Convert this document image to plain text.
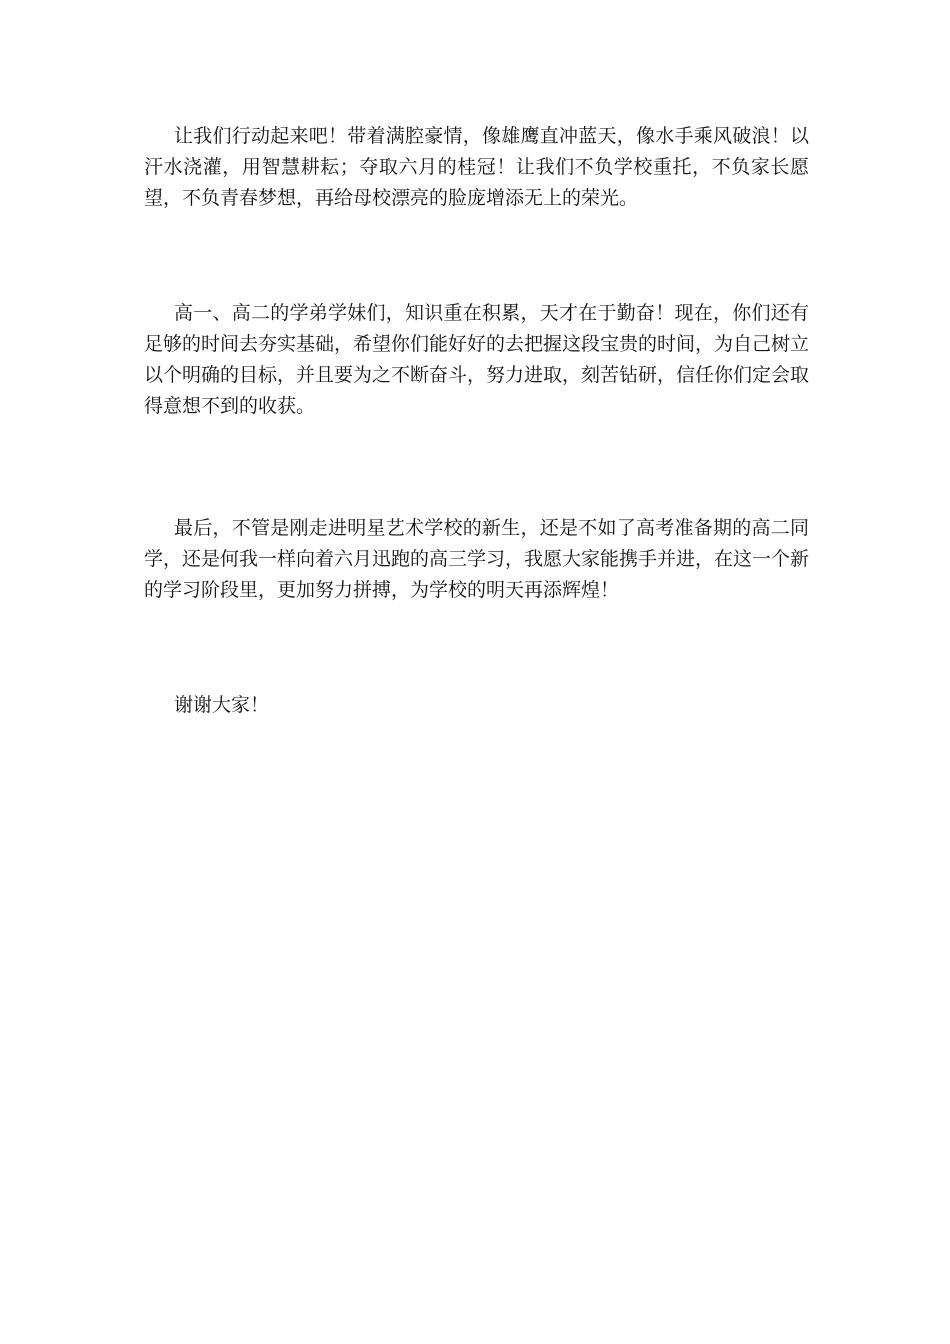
让我们行动起来吧！带着满腔豪情，像雄鹰直冲蓝天，像水手乘风破浪！以汗水浇灌，用智慧耕耘；夺取六月的桂冠！让我们不负学校重托，不负家长愿望，不负青春梦想，再给母校漂亮的脸庞增添无上的荣光。

高一、高二的学弟学妹们，知识重在积累，天才在于勤奋！现在，你们还有足够的时间去夯实基础，希望你们能好好的去把握这段宝贵的时间，为自己树立以个明确的目标，并且要为之不断奋斗，努力进取，刻苦钻研，信任你们定会取得意想不到的收获。

最后，不管是刚走进明星艺术学校的新生，还是不如了高考准备期的高二同学，还是何我一样向着六月迅跑的高三学习，我愿大家能携手并进，在这一个新的学习阶段里，更加努力拼搏，为学校的明天再添辉煌！

谢谢大家！
